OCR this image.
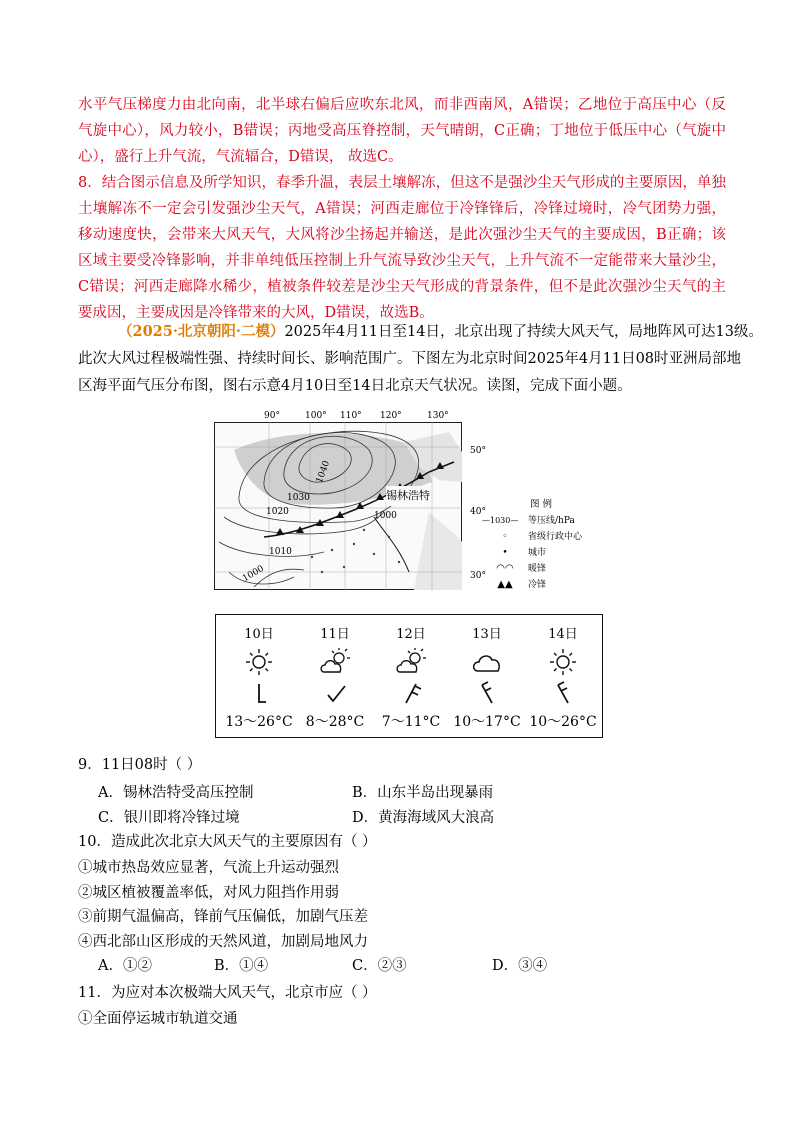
水平气压梯度力由北向南，北半球右偏后应吹东北风，而非西南风，A错误；乙地位于高压中心（反气旋中心），风力较小，B错误；丙地受高压脊控制，天气晴朗，C正确；丁地位于低压中心（气旋中心），盛行上升气流，气流辐合，D错误， 故选C。
8．结合图示信息及所学知识，春季升温，表层土壤解冻，但这不是强沙尘天气形成的主要原因，单独土壤解冻不一定会引发强沙尘天气，A错误；河西走廊位于冷锋锋后，冷锋过境时，冷气团势力强，移动速度快，会带来大风天气，大风将沙尘扬起并输送，是此次强沙尘天气的主要成因，B正确；该区域主要受冷锋影响，并非单纯低压控制上升气流导致沙尘天气，上升气流不一定能带来大量沙尘，C错误；河西走廊降水稀少，植被条件较差是沙尘天气形成的背景条件，但不是此次强沙尘天气的主要成因，主要成因是冷锋带来的大风，D错误，故选B。
（2025·北京朝阳·二模）2025年4月11日至14日，北京出现了持续大风天气，局地阵风可达13级。
此次大风过程极端性强、持续时间长、影响范围广。下图左为北京时间2025年4月11日08时亚洲局部地
区海平面气压分布图，图右示意4月10日至14日北京天气状况。读图，完成下面小题。
90°	100° 110° 120°	130°
50°
40°
30°
1040
1030
1020	1000
1010
1000
锡林浩特
图 例
—1030— 等压线/hPa
◦ 省级行政中心
• 城市
◠◠ 暖锋
▲▲ 冷锋
10日
13～26°C
11日
8～28°C
12日
7～11°C
13日
10～17°C
14日
10～26°C
9．11日08时（ ）
A．锡林浩特受高压控制	B．山东半岛出现暴雨
C．银川即将冷锋过境	D．黄海海域风大浪高
10．造成此次北京大风天气的主要原因有（ ）
①城市热岛效应显著，气流上升运动强烈
②城区植被覆盖率低，对风力阻挡作用弱
③前期气温偏高，锋前气压偏低，加剧气压差
④西北部山区形成的天然风道，加剧局地风力
A．①②	B．①④	C．②③	D．③④
11．为应对本次极端大风天气，北京市应（ ）
①全面停运城市轨道交通
